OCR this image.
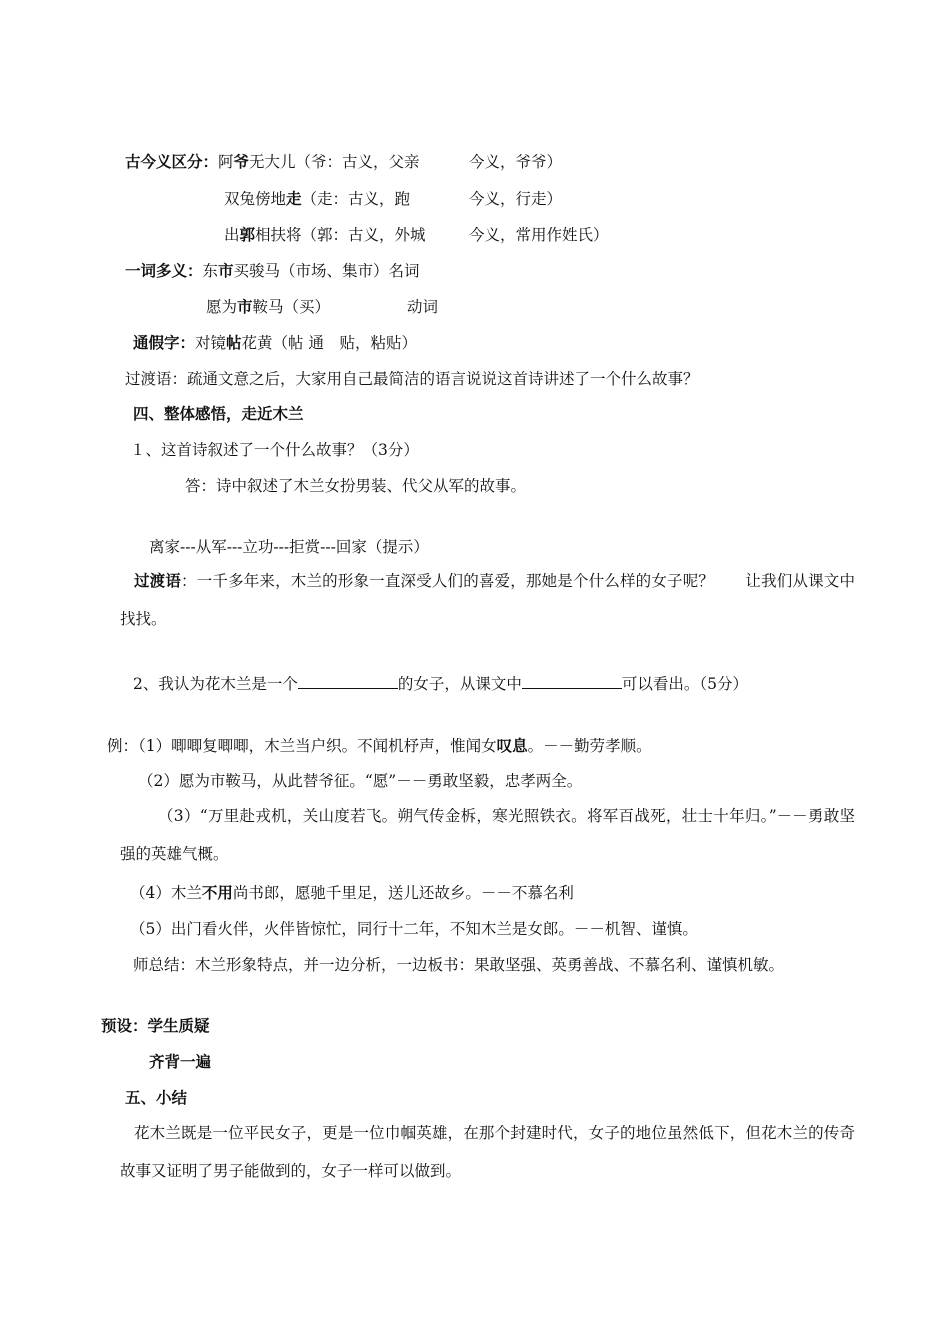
古今义区分：阿爷无大儿（爷：古义，父亲	今义，爷爷）
双兔傍地走（走：古义，跑	今义，行走）
出郭相扶将（郭：古义，外城	今义，常用作姓氏）
一词多义：东市买骏马（市场、集市）名词
愿为市鞍马（买）	动词
通假字：对镜帖花黄（帖 通　贴，粘贴）
过渡语：疏通文意之后，大家用自己最简洁的语言说说这首诗讲述了一个什么故事？
四、整体感悟，走近木兰
１、这首诗叙述了一个什么故事？（3分）
答：诗中叙述了木兰女扮男装、代父从军的故事。
离家---从军---立功---拒赏---回家（提示）
过渡语：一千多年来，木兰的形象一直深受人们的喜爱，那她是个什么样的女子呢？　　让我们从课文中找找。
2、我认为花木兰是一个	的女子，从课文中	可以看出。（5分）
例：（1）唧唧复唧唧，木兰当户织。不闻机杼声，惟闻女叹息。－－勤劳孝顺。
（2）愿为市鞍马，从此替爷征。“愿”－－勇敢坚毅，忠孝两全。
（3）“万里赴戎机，关山度若飞。朔气传金柝，寒光照铁衣。将军百战死，壮士十年归。”－－勇敢坚强的英雄气概。
（4）木兰不用尚书郎，愿驰千里足，送儿还故乡。－－不慕名利
（5）出门看火伴，火伴皆惊忙，同行十二年，不知木兰是女郎。－－机智、谨慎。
师总结：木兰形象特点，并一边分析，一边板书：果敢坚强、英勇善战、不慕名利、谨慎机敏。
预设：学生质疑
齐背一遍
五、小结
花木兰既是一位平民女子，更是一位巾帼英雄，在那个封建时代，女子的地位虽然低下，但花木兰的传奇故事又证明了男子能做到的，女子一样可以做到。
